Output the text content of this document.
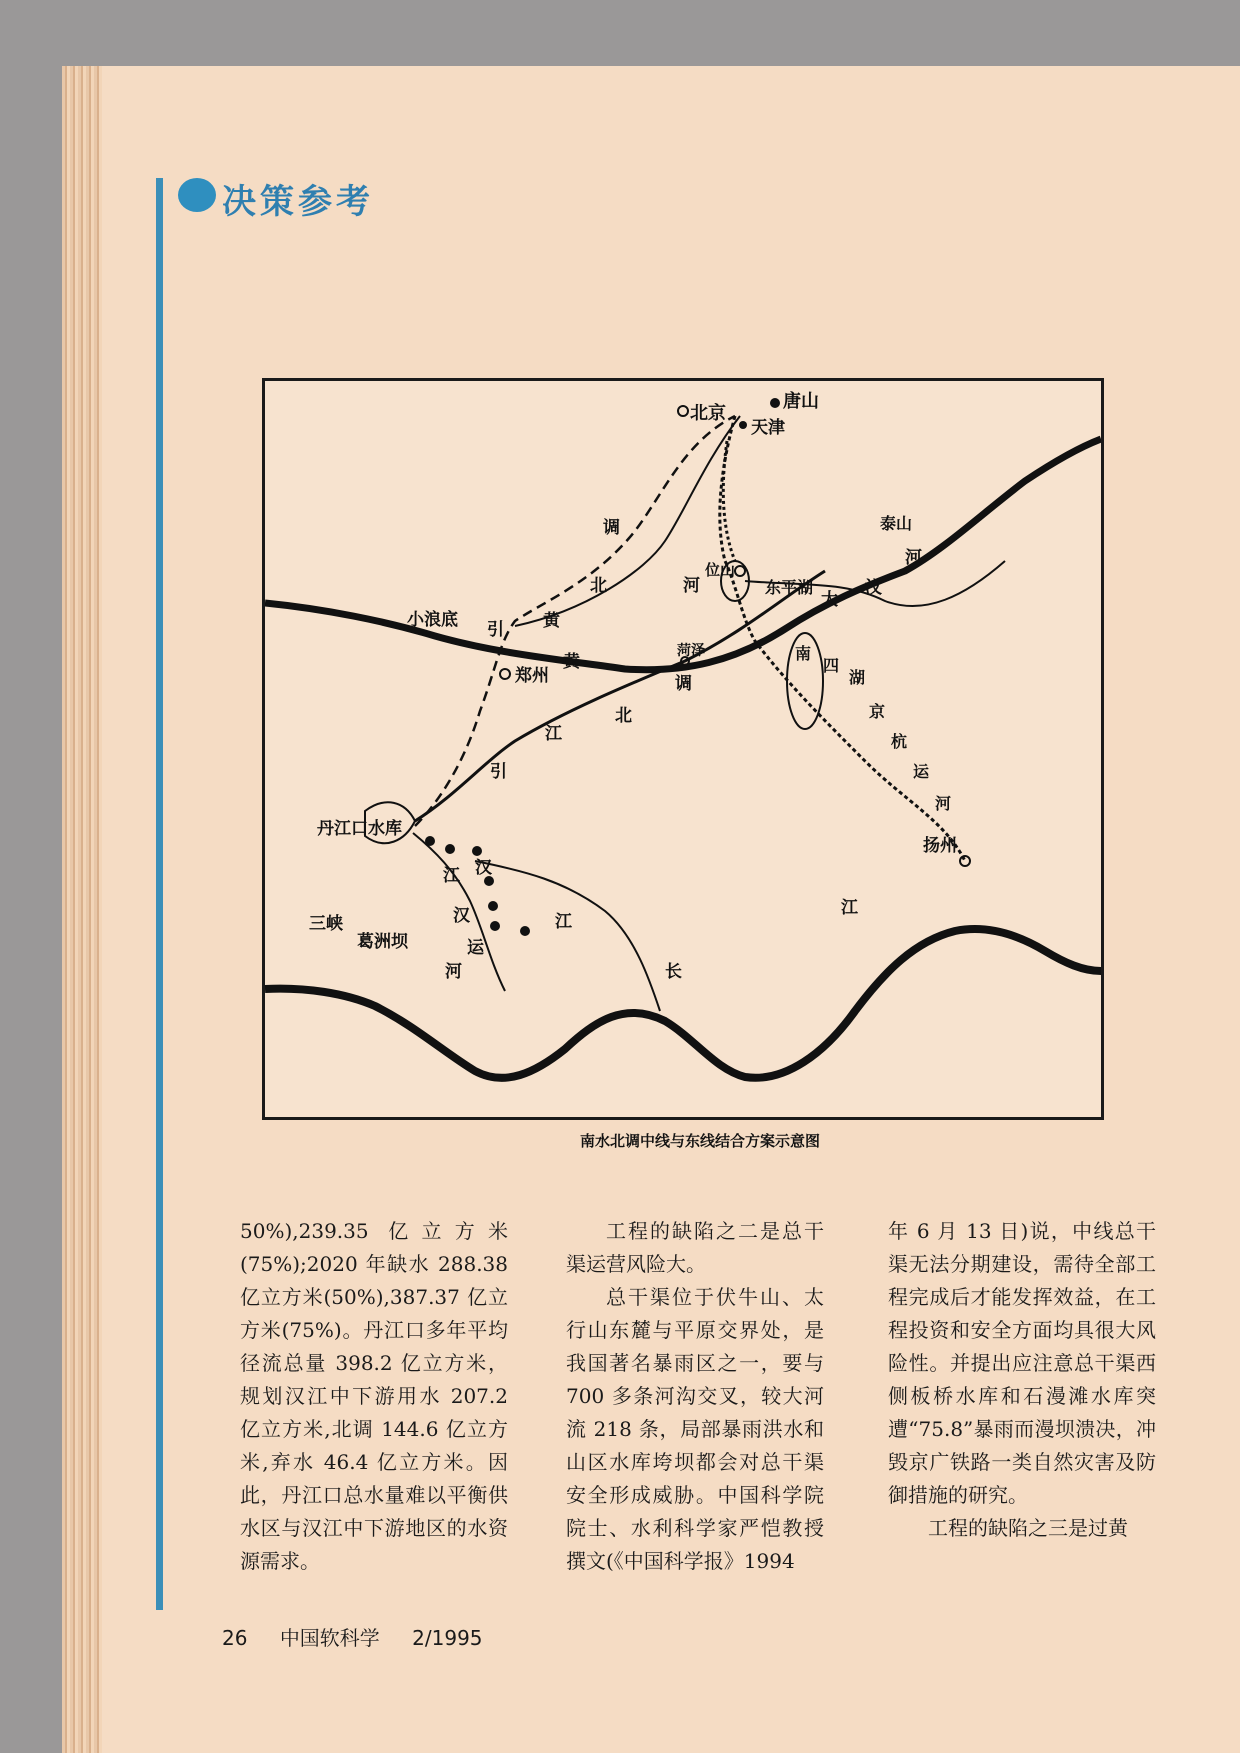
决策参考
北京
唐山
天津
泰山
位山
东平湖
菏泽
郑州
小浪底
丹江口水库
三峡
葛洲坝
扬州
调
北	河
黄
引
黄
引
江
北
调
江 汉
汉
运
河
江
长
江
大
汶
河
南
四
湖
京
杭
运
河
南水北调中线与东线结合方案示意图

50%),239.35 亿立方米(75%);2020 年缺水 288.38 亿立方米(50%),387.37 亿立方米(75%)。丹江口多年平均径流总量 398.2 亿立方米，规划汉江中下游用水 207.2 亿立方米,北调 144.6 亿立方米,弃水 46.4 亿立方米。因此，丹江口总水量难以平衡供水区与汉江中下游地区的水资源需求。

工程的缺陷之二是总干渠运营风险大。

总干渠位于伏牛山、太行山东麓与平原交界处，是我国著名暴雨区之一，要与 700 多条河沟交叉，较大河流 218 条，局部暴雨洪水和山区水库垮坝都会对总干渠安全形成威胁。中国科学院院士、水利科学家严恺教授撰文(《中国科学报》1994

年 6 月 13 日)说，中线总干渠无法分期建设，需待全部工程完成后才能发挥效益，在工程投资和安全方面均具很大风险性。并提出应注意总干渠西侧板桥水库和石漫滩水库突遭“75.8”暴雨而漫坝溃决，冲毁京广铁路一类自然灾害及防御措施的研究。

工程的缺陷之三是过黄

26 中国软科学 2/1995
